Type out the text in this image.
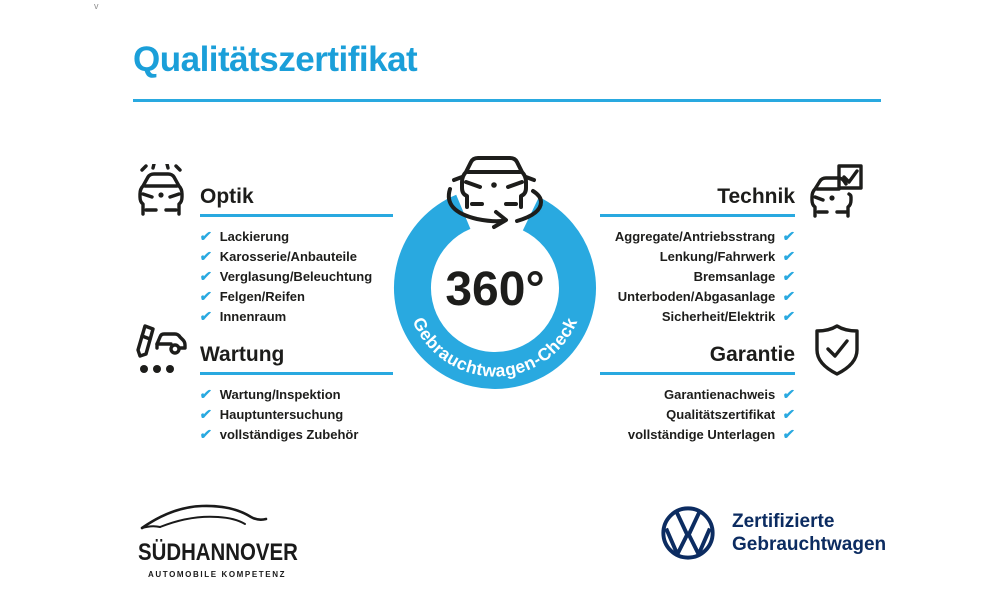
v
Qualitätszertifikat
Optik
✔ Lackierung
✔ Karosserie/Anbauteile
✔ Verglasung/Beleuchtung
✔ Felgen/Reifen
✔ Innenraum
Technik
✔
Aggregate/Antriebsstrang
✔
Lenkung/Fahrwerk
✔
Bremsanlage
✔
Unterboden/Abgasanlage
✔
Sicherheit/Elektrik
Wartung
✔ Wartung/Inspektion
✔ Hauptuntersuchung
✔ vollständiges Zubehör
Garantie
✔
Garantienachweis
✔
Qualitätszertifikat
✔
vollständige Unterlagen
Gebrauchtwagen-Check
360°
SÜDHANNOVER
AUTOMOBILE KOMPETENZ
Zertifizierte
Gebrauchtwagen
